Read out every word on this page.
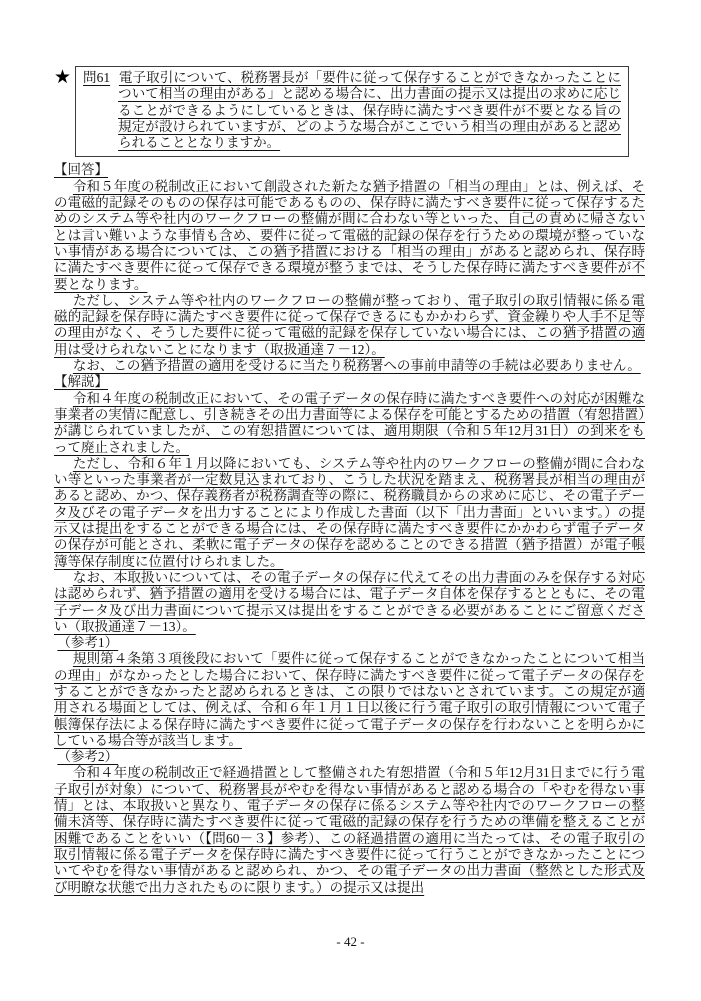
★ 問61 電子取引について、税務署長が「要件に従って保存することができなかったことについて相当の理由がある」と認める場合に、出力書面の提示又は提出の求めに応じることができるようにしているときは、保存時に満たすべき要件が不要となる旨の規定が設けられていますが、どのような場合がここでいう相当の理由があると認められることとなりますか。

【回答】

令和５年度の税制改正において創設された新たな猶予措置の「相当の理由」とは、例えば、その電磁的記録そのものの保存は可能であるものの、保存時に満たすべき要件に従って保存するためのシステム等や社内のワークフローの整備が間に合わない等といった、自己の責めに帰さないとは言い難いような事情も含め、要件に従って電磁的記録の保存を行うための環境が整っていない事情がある場合については、この猶予措置における「相当の理由」があると認められ、保存時に満たすべき要件に従って保存できる環境が整うまでは、そうした保存時に満たすべき要件が不要となります。

ただし、システム等や社内のワークフローの整備が整っており、電子取引の取引情報に係る電磁的記録を保存時に満たすべき要件に従って保存できるにもかかわらず、資金繰りや人手不足等の理由がなく、そうした要件に従って電磁的記録を保存していない場合には、この猶予措置の適用は受けられないことになります（取扱通達７－12）。

なお、この猶予措置の適用を受けるに当たり税務署への事前申請等の手続は必要ありません。

【解説】

令和４年度の税制改正において、その電子データの保存時に満たすべき要件への対応が困難な事業者の実情に配意し、引き続きその出力書面等による保存を可能とするための措置（宥恕措置）が講じられていましたが、この宥恕措置については、適用期限（令和５年12月31日）の到来をもって廃止されました。

ただし、令和６年１月以降においても、システム等や社内のワークフローの整備が間に合わない等といった事業者が一定数見込まれており、こうした状況を踏まえ、税務署長が相当の理由があると認め、かつ、保存義務者が税務調査等の際に、税務職員からの求めに応じ、その電子データ及びその電子データを出力することにより作成した書面（以下「出力書面」といいます。）の提示又は提出をすることができる場合には、その保存時に満たすべき要件にかかわらず電子データの保存が可能とされ、柔軟に電子データの保存を認めることのできる措置（猶予措置）が電子帳簿等保存制度に位置付けられました。

なお、本取扱いについては、その電子データの保存に代えてその出力書面のみを保存する対応は認められず、猶予措置の適用を受ける場合には、電子データ自体を保存するとともに、その電子データ及び出力書面について提示又は提出をすることができる必要があることにご留意ください（取扱通達７－13）。

（参考1）

規則第４条第３項後段において「要件に従って保存することができなかったことについて相当の理由」がなかったとした場合において、保存時に満たすべき要件に従って電子データの保存をすることができなかったと認められるときは、この限りではないとされています。この規定が適用される場面としては、例えば、令和６年１月１日以後に行う電子取引の取引情報について電子帳簿保存法による保存時に満たすべき要件に従って電子データの保存を行わないことを明らかにしている場合等が該当します。

（参考2）

令和４年度の税制改正で経過措置として整備された宥恕措置（令和５年12月31日までに行う電子取引が対象）について、税務署長がやむを得ない事情があると認める場合の「やむを得ない事情」とは、本取扱いと異なり、電子データの保存に係るシステム等や社内でのワークフローの整備未済等、保存時に満たすべき要件に従って電磁的記録の保存を行うための準備を整えることが困難であることをいい（【問60－３】参考）、この経過措置の適用に当たっては、その電子取引の取引情報に係る電子データを保存時に満たすべき要件に従って行うことができなかったことについてやむを得ない事情があると認められ、かつ、その電子データの出力書面（整然とした形式及び明瞭な状態で出力されたものに限ります。）の提示又は提出

- 42 -
